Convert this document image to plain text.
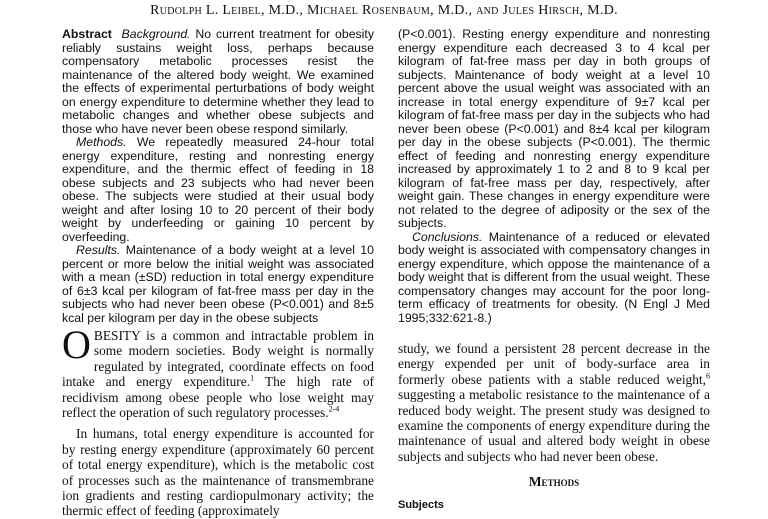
Rudolph L. Leibel, M.D., Michael Rosenbaum, M.D., and Jules Hirsch, M.D.

Abstract Background. No current treatment for obesity reliably sustains weight loss, perhaps because compensatory metabolic processes resist the maintenance of the altered body weight. We examined the effects of experimental perturbations of body weight on energy expenditure to determine whether they lead to metabolic changes and whether obese subjects and those who have never been obese respond similarly.

Methods. We repeatedly measured 24-hour total energy expenditure, resting and nonresting energy expenditure, and the thermic effect of feeding in 18 obese subjects and 23 subjects who had never been obese. The subjects were studied at their usual body weight and after losing 10 to 20 percent of their body weight by underfeeding or gaining 10 percent by overfeeding.

Results. Maintenance of a body weight at a level 10 percent or more below the initial weight was associated with a mean (±SD) reduction in total energy expenditure of 6±3 kcal per kilogram of fat-free mass per day in the subjects who had never been obese (P<0.001) and 8±5 kcal per kilogram per day in the obese subjects

OBESITY is a common and intractable problem in some modern societies. Body weight is normally regulated by integrated, coordinate effects on food intake and energy expenditure.$^1$ The high rate of recidivism among obese people who lose weight may reflect the operation of such regulatory processes.$^{2-4}$

In humans, total energy expenditure is accounted for by resting energy expenditure (approximately 60 percent of total energy expenditure), which is the metabolic cost of processes such as the maintenance of transmembrane ion gradients and resting cardiopulmonary activity; the thermic effect of feeding (approximately

(P<0.001). Resting energy expenditure and nonresting energy expenditure each decreased 3 to 4 kcal per kilogram of fat-free mass per day in both groups of subjects. Maintenance of body weight at a level 10 percent above the usual weight was associated with an increase in total energy expenditure of 9±7 kcal per kilogram of fat-free mass per day in the subjects who had never been obese (P<0.001) and 8±4 kcal per kilogram per day in the obese subjects (P<0.001). The thermic effect of feeding and nonresting energy expenditure increased by approximately 1 to 2 and 8 to 9 kcal per kilogram of fat-free mass per day, respectively, after weight gain. These changes in energy expenditure were not related to the degree of adiposity or the sex of the subjects.

Conclusions. Maintenance of a reduced or elevated body weight is associated with compensatory changes in energy expenditure, which oppose the maintenance of a body weight that is different from the usual weight. These compensatory changes may account for the poor long-term efficacy of treatments for obesity. (N Engl J Med 1995;332:621-8.)

study, we found a persistent 28 percent decrease in the energy expended per unit of body-surface area in formerly obese patients with a stable reduced weight,$^6$ suggesting a metabolic resistance to the maintenance of a reduced body weight. The present study was designed to examine the components of energy expenditure during the maintenance of usual and altered body weight in obese subjects and subjects who had never been obese.

Methods
Subjects
